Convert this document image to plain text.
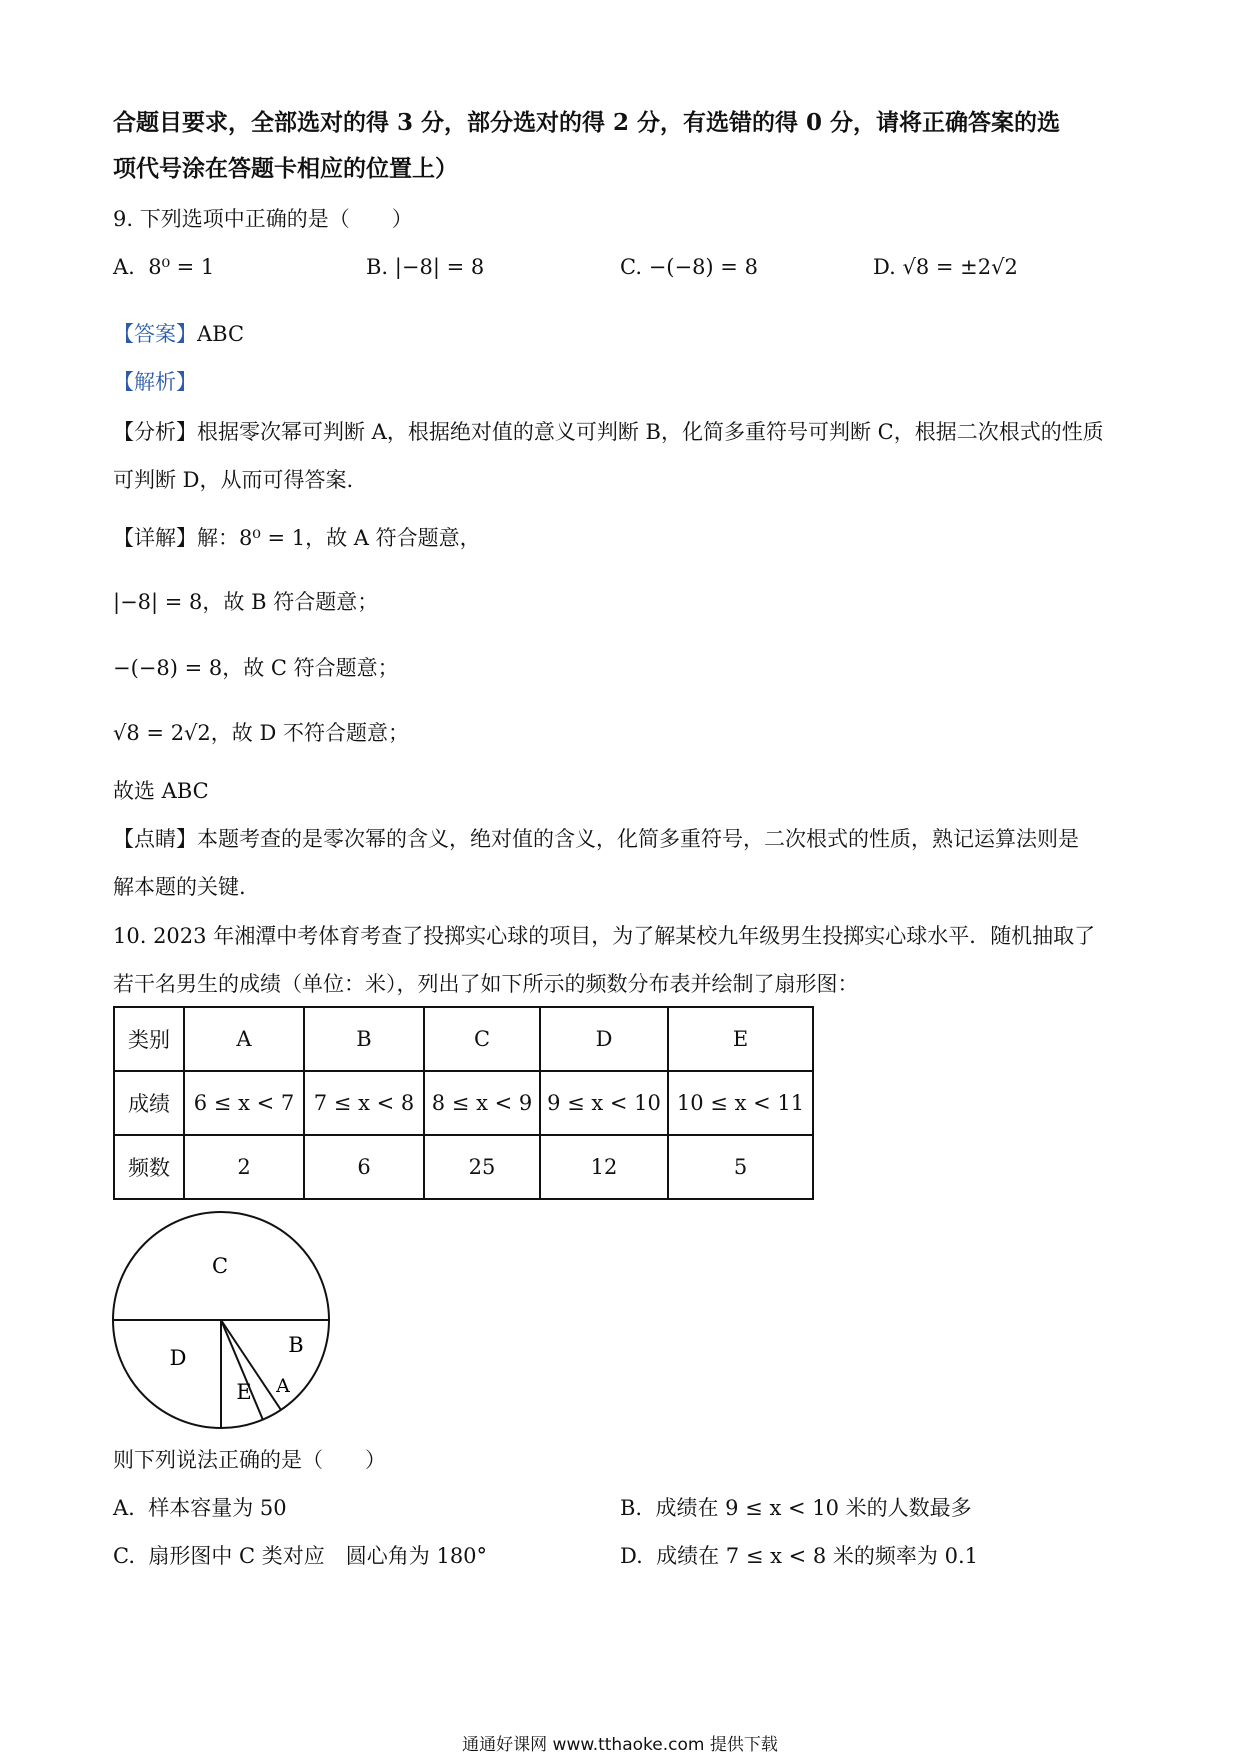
合题目要求，全部选对的得 3 分，部分选对的得 2 分，有选错的得 0 分，请将正确答案的选
项代号涂在答题卡相应的位置上）
9. 下列选项中正确的是（　　）
A. 8⁰ = 1	B. |−8| = 8	C. −(−8) = 8	D. √8 = ±2√2
【答案】ABC
【解析】
【分析】根据零次幂可判断 A，根据绝对值的意义可判断 B，化简多重符号可判断 C，根据二次根式的性质
可判断 D，从而可得答案.
【详解】解：8⁰ = 1，故 A 符合题意，
|−8| = 8，故 B 符合题意；
−(−8) = 8，故 C 符合题意；
√8 = 2√2，故 D 不符合题意；
故选 ABC
【点睛】本题考查的是零次幂的含义，绝对值的含义，化简多重符号，二次根式的性质，熟记运算法则是
解本题的关键.
10. 2023 年湘潭中考体育考查了投掷实心球的项目，为了解某校九年级男生投掷实心球水平．随机抽取了
若干名男生的成绩（单位：米），列出了如下所示的频数分布表并绘制了扇形图：
类别	A	B	C	D	E
成绩	6 ≤ x < 7	7 ≤ x < 8	8 ≤ x < 9	9 ≤ x < 10	10 ≤ x < 11
频数	2	6	25	12	5
C
D
B
E A
则下列说法正确的是（　　）
A. 样本容量为 50	B. 成绩在 9 ≤ x < 10 米的人数最多
C. 扇形图中 C 类对应　圆心角为 180°	D. 成绩在 7 ≤ x < 8 米的频率为 0.1
通通好课网 www.tthaoke.com 提供下载
